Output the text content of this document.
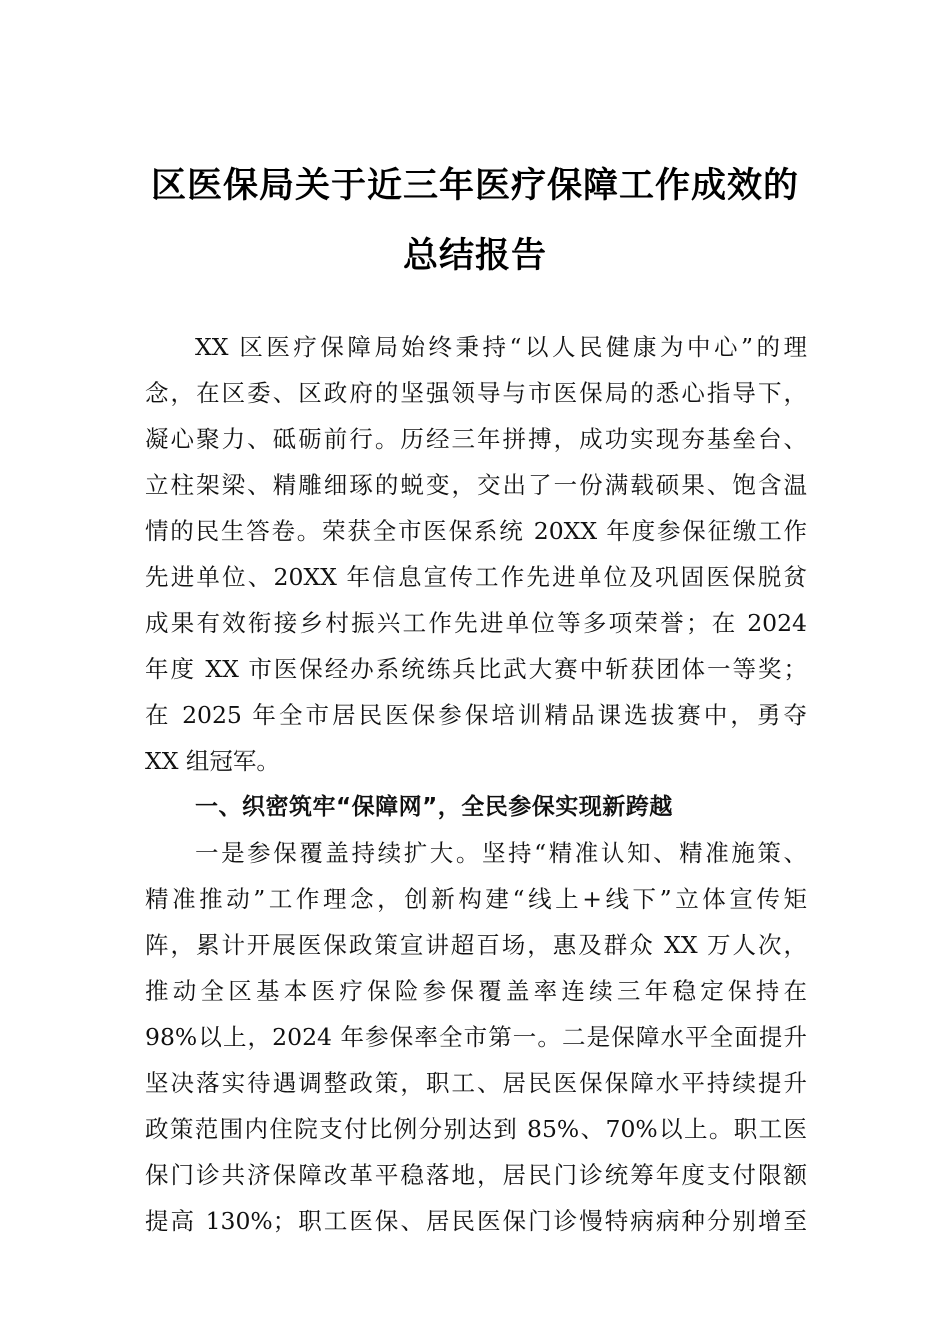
区医保局关于近三年医疗保障工作成效的
总结报告
XX 区医疗保障局始终秉持“以人民健康为中心”的理
念，在区委、区政府的坚强领导与市医保局的悉心指导下，
凝心聚力、砥砺前行。历经三年拼搏，成功实现夯基垒台、
立柱架梁、精雕细琢的蜕变，交出了一份满载硕果、饱含温
情的民生答卷。荣获全市医保系统 20XX 年度参保征缴工作
先进单位、20XX 年信息宣传工作先进单位及巩固医保脱贫
成果有效衔接乡村振兴工作先进单位等多项荣誉；在 2024
年度 XX 市医保经办系统练兵比武大赛中斩获团体一等奖；
在 2025 年全市居民医保参保培训精品课选拔赛中，勇夺
XX 组冠军。
一、织密筑牢“保障网”，全民参保实现新跨越
一是参保覆盖持续扩大。坚持“精准认知、精准施策、
精准推动”工作理念，创新构建“线上+线下”立体宣传矩
阵，累计开展医保政策宣讲超百场，惠及群众 XX 万人次，
推动全区基本医疗保险参保覆盖率连续三年稳定保持在
98%以上，2024 年参保率全市第一。二是保障水平全面提升
坚决落实待遇调整政策，职工、居民医保保障水平持续提升
政策范围内住院支付比例分别达到 85%、70%以上。职工医
保门诊共济保障改革平稳落地，居民门诊统筹年度支付限额
提高 130%；职工医保、居民医保门诊慢特病病种分别增至
